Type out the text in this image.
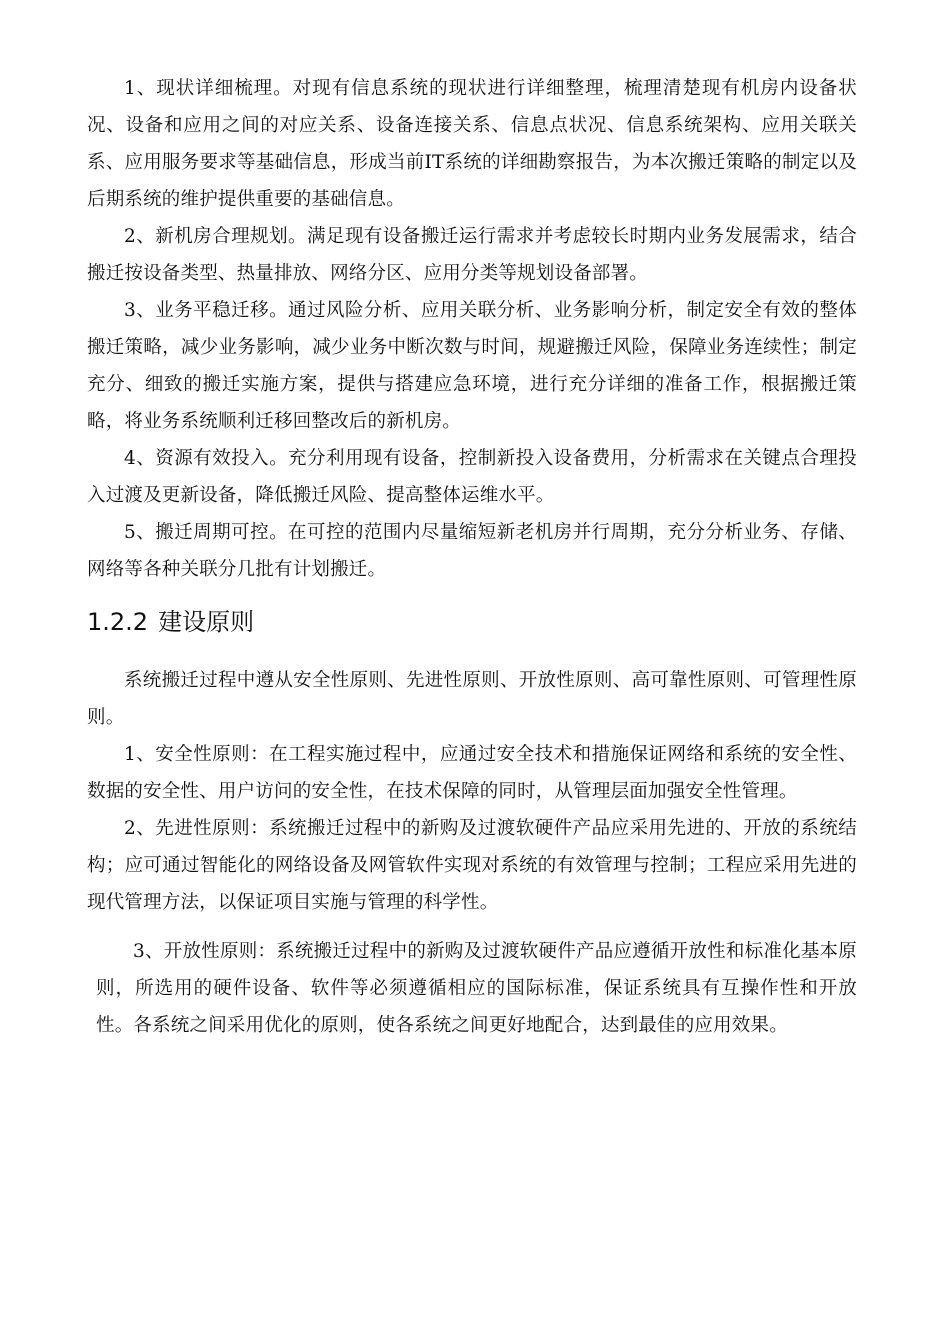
1、现状详细梳理。对现有信息系统的现状进行详细整理，梳理清楚现有机房内设备状况、设备和应用之间的对应关系、设备连接关系、信息点状况、信息系统架构、应用关联关系、应用服务要求等基础信息，形成当前IT系统的详细勘察报告，为本次搬迁策略的制定以及后期系统的维护提供重要的基础信息。

2、新机房合理规划。满足现有设备搬迁运行需求并考虑较长时期内业务发展需求，结合搬迁按设备类型、热量排放、网络分区、应用分类等规划设备部署。

3、业务平稳迁移。通过风险分析、应用关联分析、业务影响分析，制定安全有效的整体搬迁策略，减少业务影响，减少业务中断次数与时间，规避搬迁风险，保障业务连续性；制定充分、细致的搬迁实施方案，提供与搭建应急环境，进行充分详细的准备工作，根据搬迁策略，将业务系统顺利迁移回整改后的新机房。

4、资源有效投入。充分利用现有设备，控制新投入设备费用，分析需求在关键点合理投入过渡及更新设备，降低搬迁风险、提高整体运维水平。

5、搬迁周期可控。在可控的范围内尽量缩短新老机房并行周期，充分分析业务、存储、网络等各种关联分几批有计划搬迁。

1.2.2 建设原则

系统搬迁过程中遵从安全性原则、先进性原则、开放性原则、高可靠性原则、可管理性原则。

1、安全性原则：在工程实施过程中，应通过安全技术和措施保证网络和系统的安全性、数据的安全性、用户访问的安全性，在技术保障的同时，从管理层面加强安全性管理。

2、先进性原则：系统搬迁过程中的新购及过渡软硬件产品应采用先进的、开放的系统结构；应可通过智能化的网络设备及网管软件实现对系统的有效管理与控制；工程应采用先进的现代管理方法，以保证项目实施与管理的科学性。

3、开放性原则：系统搬迁过程中的新购及过渡软硬件产品应遵循开放性和标准化基本原则，所选用的硬件设备、软件等必须遵循相应的国际标准，保证系统具有互操作性和开放性。各系统之间采用优化的原则，使各系统之间更好地配合，达到最佳的应用效果。
